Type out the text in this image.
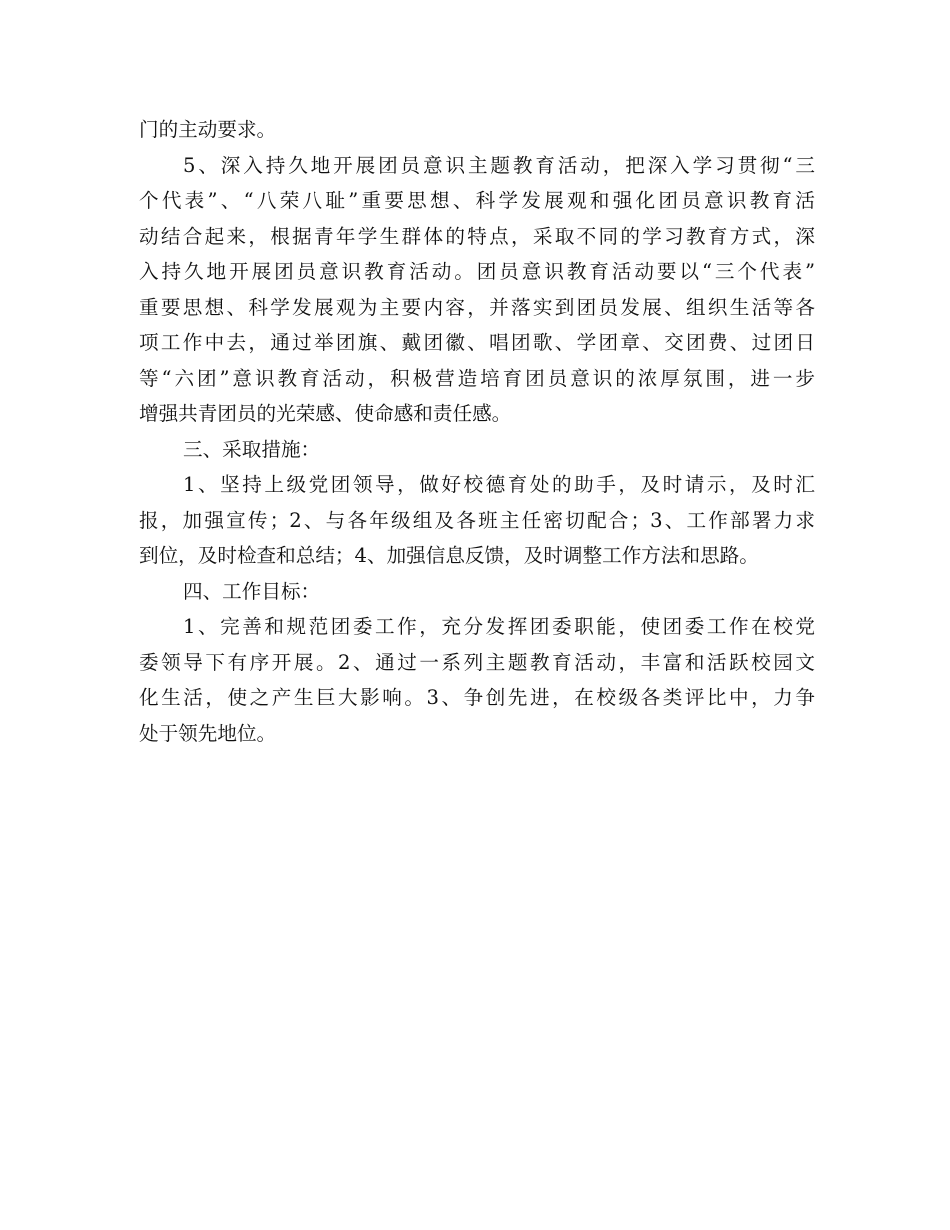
门的主动要求。
5、深入持久地开展团员意识主题教育活动，把深入学习贯彻“三
个代表”、“八荣八耻”重要思想、科学发展观和强化团员意识教育活
动结合起来，根据青年学生群体的特点，采取不同的学习教育方式，深
入持久地开展团员意识教育活动。团员意识教育活动要以“三个代表”
重要思想、科学发展观为主要内容，并落实到团员发展、组织生活等各
项工作中去，通过举团旗、戴团徽、唱团歌、学团章、交团费、过团日
等“六团”意识教育活动，积极营造培育团员意识的浓厚氛围，进一步
增强共青团员的光荣感、使命感和责任感。
三、采取措施：
1、坚持上级党团领导，做好校德育处的助手，及时请示，及时汇
报，加强宣传；2、与各年级组及各班主任密切配合；3、工作部署力求
到位，及时检查和总结；4、加强信息反馈，及时调整工作方法和思路。
四、工作目标：
1、完善和规范团委工作，充分发挥团委职能，使团委工作在校党
委领导下有序开展。2、通过一系列主题教育活动，丰富和活跃校园文
化生活，使之产生巨大影响。3、争创先进，在校级各类评比中，力争
处于领先地位。
